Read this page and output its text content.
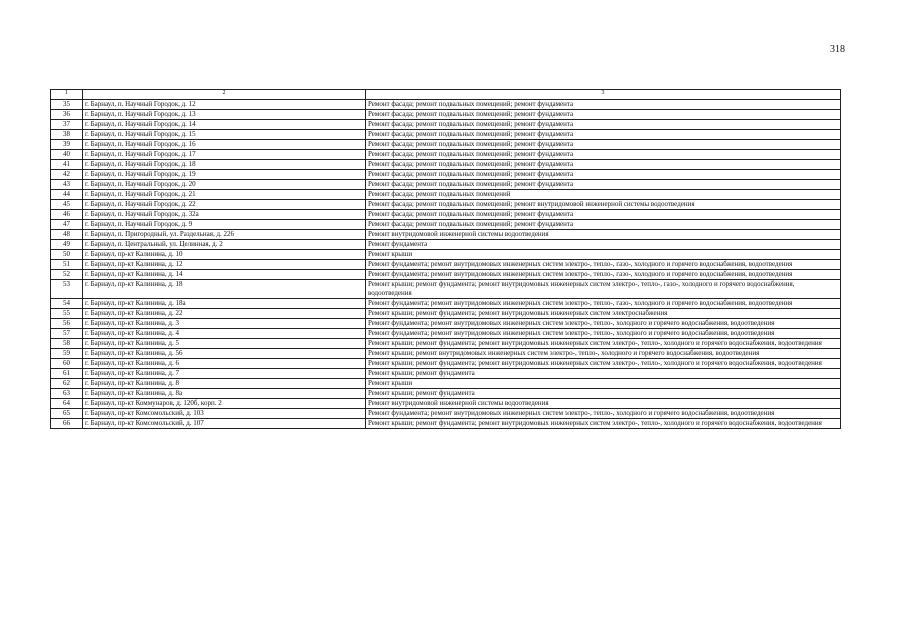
318
1	2	3
35	г. Барнаул, п. Научный Городок, д. 12	Ремонт фасада; ремонт подвальных помещений; ремонт фундамента
36	г. Барнаул, п. Научный Городок, д. 13	Ремонт фасада; ремонт подвальных помещений; ремонт фундамента
37	г. Барнаул, п. Научный Городок, д. 14	Ремонт фасада; ремонт подвальных помещений; ремонт фундамента
38	г. Барнаул, п. Научный Городок, д. 15	Ремонт фасада; ремонт подвальных помещений; ремонт фундамента
39	г. Барнаул, п. Научный Городок, д. 16	Ремонт фасада; ремонт подвальных помещений; ремонт фундамента
40	г. Барнаул, п. Научный Городок, д. 17	Ремонт фасада; ремонт подвальных помещений; ремонт фундамента
41	г. Барнаул, п. Научный Городок, д. 18	Ремонт фасада; ремонт подвальных помещений; ремонт фундамента
42	г. Барнаул, п. Научный Городок, д. 19	Ремонт фасада; ремонт подвальных помещений; ремонт фундамента
43	г. Барнаул, п. Научный Городок, д. 20	Ремонт фасада; ремонт подвальных помещений; ремонт фундамента
44	г. Барнаул, п. Научный Городок, д. 21	Ремонт фасада; ремонт подвальных помещений
45	г. Барнаул, п. Научный Городок, д. 22	Ремонт фасада; ремонт подвальных помещений; ремонт внутридомовой инженерной системы водоотведения
46	г. Барнаул, п. Научный Городок, д. 32а	Ремонт фасада; ремонт подвальных помещений; ремонт фундамента
47	г. Барнаул, п. Научный Городок, д. 9	Ремонт фасада; ремонт подвальных помещений; ремонт фундамента
48	г. Барнаул, п. Пригородный, ул. Раздельная, д. 226	Ремонт внутридомовой инженерной системы водоотведения
49	г. Барнаул, п. Центральный, ул. Целинная, д. 2	Ремонт фундамента
50	г. Барнаул, пр-кт Калинина, д. 10	Ремонт крыши
51	г. Барнаул, пр-кт Калинина, д. 12	Ремонт фундамента; ремонт внутридомовых инженерных систем электро-, тепло-, газо-, холодного и горячего водоснабжения, водоотведения
52	г. Барнаул, пр-кт Калинина, д. 14	Ремонт фундамента; ремонт внутридомовых инженерных систем электро-, тепло-, газо-, холодного и горячего водоснабжения, водоотведения
53	г. Барнаул, пр-кт Калинина, д. 18	Ремонт крыши; ремонт фундамента; ремонт внутридомовых инженерных систем электро-, тепло-, газо-, холодного и горячего водоснабжения, водоотведения
54	г. Барнаул, пр-кт Калинина, д. 18а	Ремонт фундамента; ремонт внутридомовых инженерных систем электро-, тепло-, газо-, холодного и горячего водоснабжения, водоотведения
55	г. Барнаул, пр-кт Калинина, д. 22	Ремонт крыши; ремонт фундамента; ремонт внутридомовых инженерных систем электроснабжения
56	г. Барнаул, пр-кт Калинина, д. 3	Ремонт фундамента; ремонт внутридомовых инженерных систем электро-, тепло-, холодного и горячего водоснабжения, водоотведения
57	г. Барнаул, пр-кт Калинина, д. 4	Ремонт фундамента; ремонт внутридомовых инженерных систем электро-, тепло-, холодного и горячего водоснабжения, водоотведения
58	г. Барнаул, пр-кт Калинина, д. 5	Ремонт крыши; ремонт фундамента; ремонт внутридомовых инженерных систем электро-, тепло-, холодного и горячего водоснабжения, водоотведения
59	г. Барнаул, пр-кт Калинина, д. 56	Ремонт крыши; ремонт внутридомовых инженерных систем электро-, тепло-, холодного и горячего водоснабжения, водоотведения
60	г. Барнаул, пр-кт Калинина, д. 6	Ремонт крыши; ремонт фундамента; ремонт внутридомовых инженерных систем электро-, тепло-, холодного и горячего водоснабжения, водоотведения
61	г. Барнаул, пр-кт Калинина, д. 7	Ремонт крыши; ремонт фундамента
62	г. Барнаул, пр-кт Калинина, д. 8	Ремонт крыши
63	г. Барнаул, пр-кт Калинина, д. 8а	Ремонт крыши; ремонт фундамента
64	г. Барнаул, пр-кт Коммунаров, д. 120б, корп. 2	Ремонт внутридомовой инженерной системы водоотведения
65	г. Барнаул, пр-кт Комсомольский, д. 103	Ремонт фундамента; ремонт внутридомовых инженерных систем электро-, тепло-, холодного и горячего водоснабжения, водоотведения
66	г. Барнаул, пр-кт Комсомольский, д. 107	Ремонт крыши; ремонт фундамента; ремонт внутридомовых инженерных систем электро-, тепло-, холодного и горячего водоснабжения, водоотведения
